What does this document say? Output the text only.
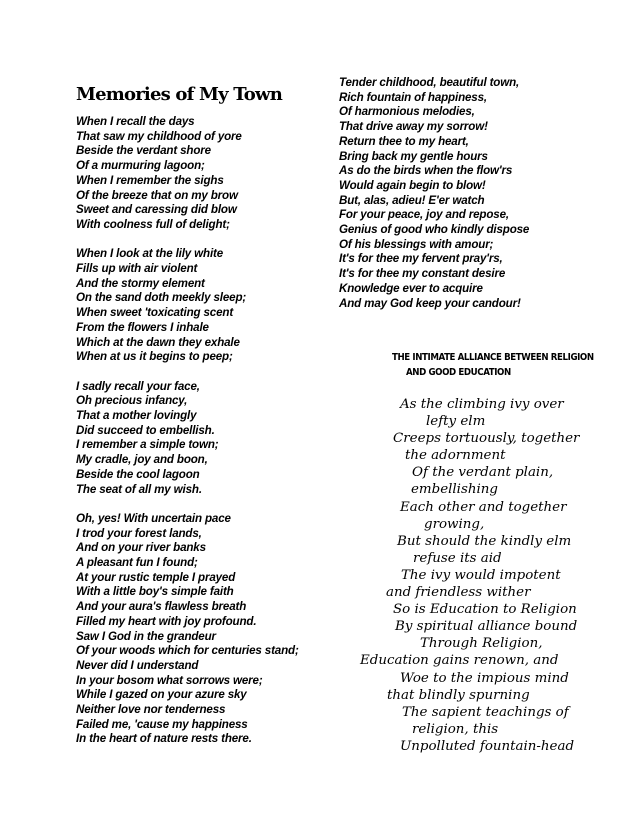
Memories of My Town
When I recall the days
That saw my childhood of yore
Beside the verdant shore
Of a murmuring lagoon;
When I remember the sighs
Of the breeze that on my brow
Sweet and caressing did blow
With coolness full of delight;
When I look at the lily white
Fills up with air violent
And the stormy element
On the sand doth meekly sleep;
When sweet 'toxicating scent
From the flowers I inhale
Which at the dawn they exhale
When at us it begins to peep;
I sadly recall your face,
Oh precious infancy,
That a mother lovingly
Did succeed to embellish.
I remember a simple town;
My cradle, joy and boon,
Beside the cool lagoon
The seat of all my wish.
Oh, yes! With uncertain pace
I trod your forest lands,
And on your river banks
A pleasant fun I found;
At your rustic temple I prayed
With a little boy's simple faith
And your aura's flawless breath
Filled my heart with joy profound.
Saw I God in the grandeur
Of your woods which for centuries stand;
Never did I understand
In your bosom what sorrows were;
While I gazed on your azure sky
Neither love nor tenderness
Failed me, 'cause my happiness
In the heart of nature rests there.
Tender childhood, beautiful town,
Rich fountain of happiness,
Of harmonious melodies,
That drive away my sorrow!
Return thee to my heart,
Bring back my gentle hours
As do the birds when the flow'rs
Would again begin to blow!
But, alas, adieu! E'er watch
For your peace, joy and repose,
Genius of good who kindly dispose
Of his blessings with amour;
It's for thee my fervent pray'rs,
It's for thee my constant desire
Knowledge ever to acquire
And may God keep your candour!
THE INTIMATE ALLIANCE BETWEEN RELIGION
AND GOOD EDUCATION
As the climbing ivy over
lefty elm
Creeps tortuously, together
the adornment
Of the verdant plain,
embellishing
Each other and together
growing,
But should the kindly elm
refuse its aid
The ivy would impotent
and friendless wither
So is Education to Religion
By spiritual alliance bound
Through Religion,
Education gains renown, and
Woe to the impious mind
that blindly spurning
The sapient teachings of
religion, this
Unpolluted fountain-head
